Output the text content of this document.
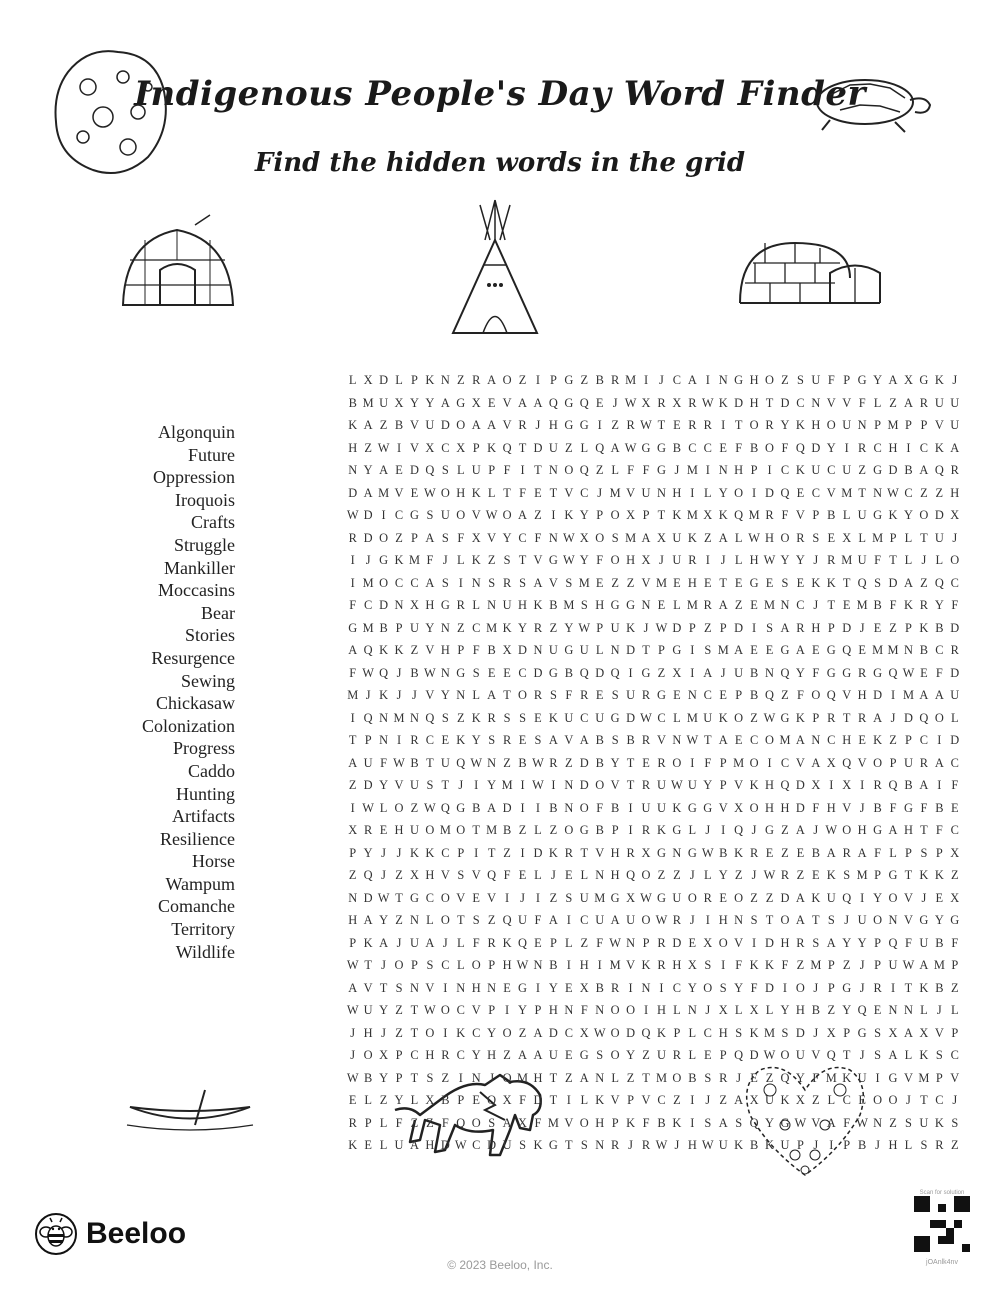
Indigenous People's Day Word Finder
Find the hidden words in the grid
Algonquin
Future
Oppression
Iroquois
Crafts
Struggle
Mankiller
Moccasins
Bear
Stories
Resurgence
Sewing
Chickasaw
Colonization
Progress
Caddo
Hunting
Artifacts
Resilience
Horse
Wampum
Comanche
Territory
Wildlife
L X D L P K N Z R A O Z I P G Z B R M I J C A I N G H O Z S U F P G Y A X G K J
B M U X Y Y A G X E V A A Q G Q E J W X R X R W K D H T D C N V V F L Z A R U U
K A Z B V U D O A A V R J H G G I Z R W T E R R I T O R Y K H O U N P M P P V U
H Z W I V X C X P K Q T D U Z L Q A W G G B C C E F B O F Q D Y I R C H I C K A
N Y A E D Q S L U P F I T N O Q Z L F F G J M I N H P I C K U C U Z G D B A Q R
D A M V E W O H K L T F E T V C J M V U N H I L Y O I D Q E C V M T N W C Z Z H
W D I C G S U O V W O A Z I K Y P O X P T K M X K Q M R F V P B L U G K Y O D X
R D O Z P A S F X V Y C F N W X O S M A X U K Z A L W H O R S E X L M P L T U J
I J G K M F J L K Z S T V G W Y F O H X J U R I J L H W Y Y J R M U F T L J L O
I M O C C A S I N S R S A V S M E Z Z V M E H E T E G E S E K K T Q S D A Z Q C
F C D N X H G R L N U H K B M S H G G N E L M R A Z E M N C J T E M B F K R Y F
G M B P U Y N Z C M K Y R Z Y W P U K J W D P Z P D I S A R H P D J E Z P K B D
A Q K K Z V H P F B X D N U G U L N D T P G I S M A E E G A E G Q E M M N B C R
F W Q J B W N G S E E C D G B Q D Q I G Z X I A J U B N Q Y F G G R G Q W E F D
M J K J J V Y N L A T O R S F R E S U R G E N C E P B Q Z F O Q V H D I M A A U
I Q N M N Q S Z K R S S E K U C U G D W C L M U K O Z W G K P R T R A J D Q O L
T P N I R C E K Y S R E S A V A B S B R V N W T A E C O M A N C H E K Z P C I D
A U F W B T U Q W N Z B W R Z D B Y T E R O I F P M O I C V A X Q V O P U R A C
Z D Y V U S T J I Y M I W I N D O V T R U W U Y P V K H Q D X I X I R Q B A I F
I W L O Z W Q G B A D I I B N O F B I U U K G G V X O H H D F H V J B F G F B E
X R E H U O M O T M B Z L Z O G B P I R K G L J I Q J G Z A J W O H G A H T F C
P Y J J K K C P I T Z I D K R T V H R X G N G W B K R E Z E B A R A F L P S P X
Z Q J Z X H V S V Q F E L J E L N H Q O Z Z J L Y Z J W R Z E K S M P G T K K Z
N D W T G C O V E V I J I Z S U M G X W G U O R E O Z Z D A K U Q I Y O V J E X
H A Y Z N L O T S Z Q U F A I C U A U O W R J I H N S T O A T S J U O N V G Y G
P K A J U A J L F R K Q E P L Z F W N P R D E X O V I D H R S A Y Y P Q F U B F
W T J O P S C L O P H W N B I H I M V K R H X S I F K K F Z M P Z J P U W A M P
A V T S N V I N H N E G I Y E X B R I N I C Y O S Y F D I O J P G J R I T K B Z
W U Y Z T W O C V P I Y P H N F N O O I H L N J X L X L Y H B Z Y Q E N N L J L
J H J Z T O I K C Y O Z A D C X W O D Q K P L C H S K M S D J X P G S X A X V P
J O X P C H R C Y H Z A A U E G S O Y Z U R L E P Q D W O U V Q T J S A L K S C
W B Y P T S Z I N J Q M H T Z A N L Z T M O B S R J E Z Q Y F M K U I G V M P V
E L Z Y L X B P E Q X F D T I L K V P V C Z I J Z A X U K X Z L C E O O J T C J
R P L F Z Z F Q O S A X F M V O H P K F B K I S A S Q Y G W V A F W N Z S U K S
K E L U A H D W C D U S K G T S N R J R W J H W U K B K U P J I P B J H L S R Z
Beeloo
© 2023 Beeloo, Inc.
Scan for solution
jOAnlk4nv
